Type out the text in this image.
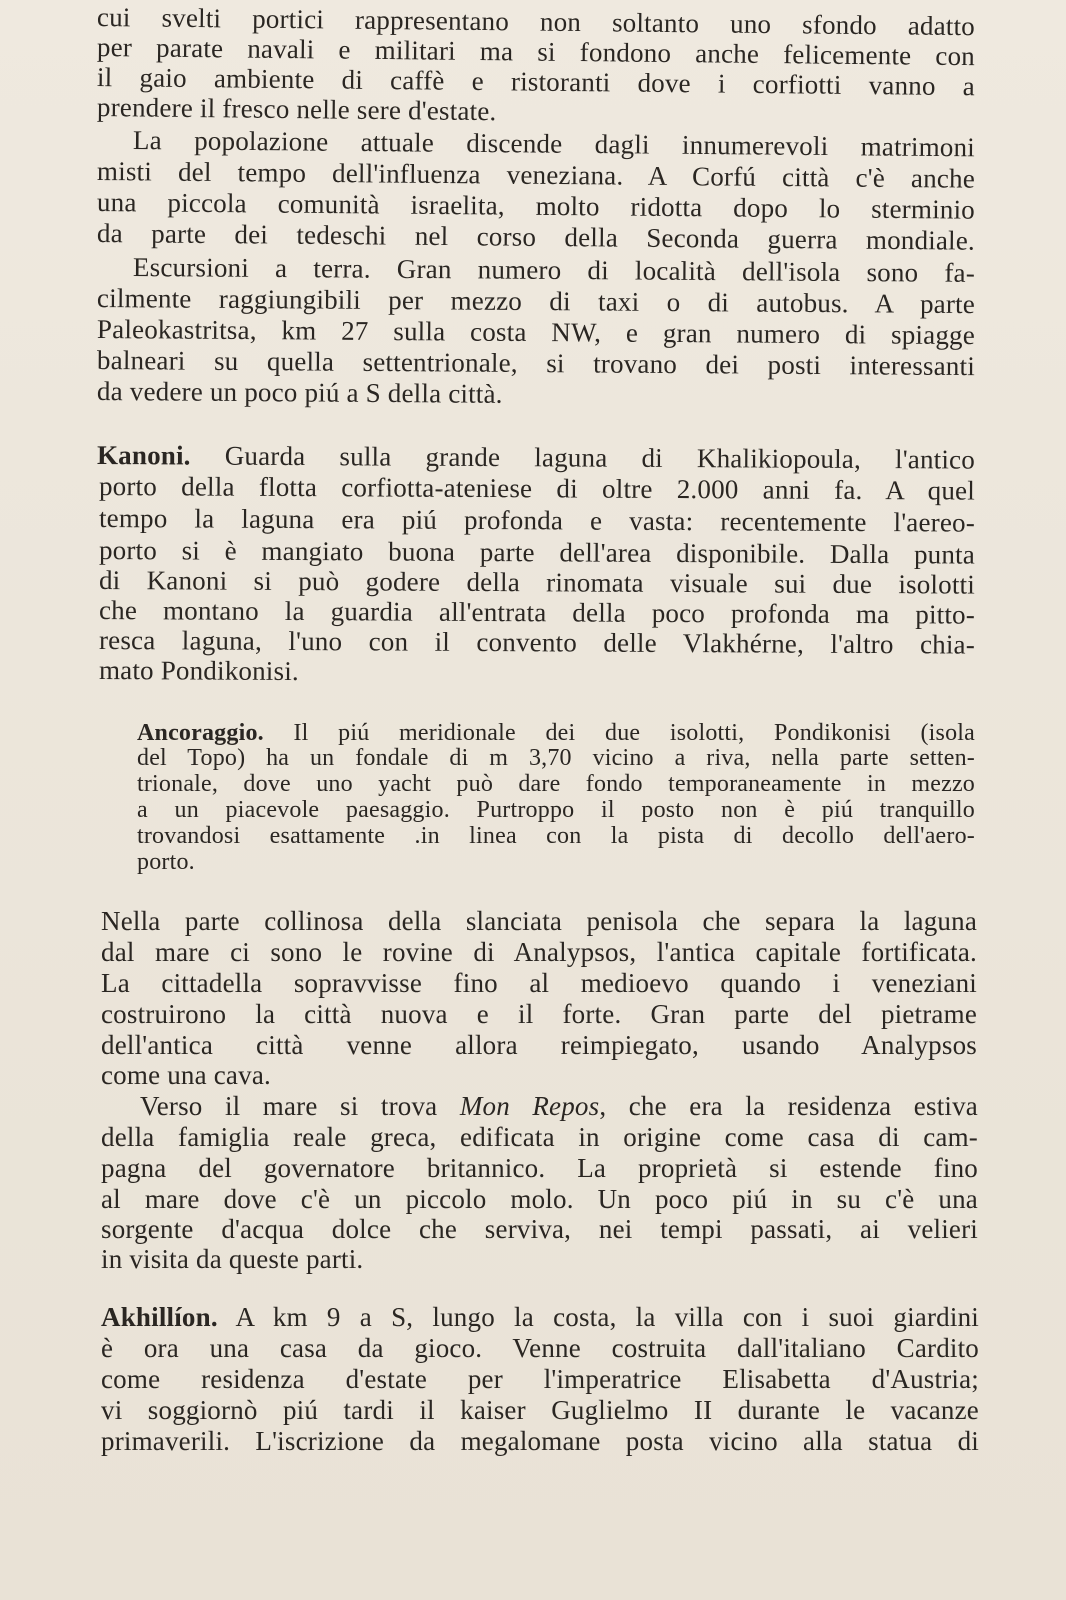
cui svelti portici rappresentano non soltanto uno sfondo adatto
per parate navali e militari ma si fondono anche felicemente con
il gaio ambiente di caffè e ristoranti dove i corfiotti vanno a
prendere il fresco nelle sere d'estate.
La popolazione attuale discende dagli innumerevoli matrimoni
misti del tempo dell'influenza veneziana. A Corfú città c'è anche
una piccola comunità israelita, molto ridotta dopo lo sterminio
da parte dei tedeschi nel corso della Seconda guerra mondiale.
Escursioni a terra. Gran numero di località dell'isola sono fa-
cilmente raggiungibili per mezzo di taxi o di autobus. A parte
Paleokastritsa, km 27 sulla costa NW, e gran numero di spiagge
balneari su quella settentrionale, si trovano dei posti interessanti
da vedere un poco piú a S della città.
Kanoni. Guarda sulla grande laguna di Khalikiopoula, l'antico
porto della flotta corfiotta-ateniese di oltre 2.000 anni fa. A quel
tempo la laguna era piú profonda e vasta: recentemente l'aereo-
porto si è mangiato buona parte dell'area disponibile. Dalla punta
di Kanoni si può godere della rinomata visuale sui due isolotti
che montano la guardia all'entrata della poco profonda ma pitto-
resca laguna, l'uno con il convento delle Vlakhérne, l'altro chia-
mato Pondikonisi.
Ancoraggio. Il piú meridionale dei due isolotti, Pondikonisi (isola
del Topo) ha un fondale di m 3,70 vicino a riva, nella parte setten-
trionale, dove uno yacht può dare fondo temporaneamente in mezzo
a un piacevole paesaggio. Purtroppo il posto non è piú tranquillo
trovandosi esattamente .in linea con la pista di decollo dell'aero-
porto.
Nella parte collinosa della slanciata penisola che separa la laguna
dal mare ci sono le rovine di Analypsos, l'antica capitale fortificata.
La cittadella sopravvisse fino al medioevo quando i veneziani
costruirono la città nuova e il forte. Gran parte del pietrame
dell'antica città venne allora reimpiegato, usando Analypsos
come una cava.
Verso il mare si trova Mon Repos, che era la residenza estiva
della famiglia reale greca, edificata in origine come casa di cam-
pagna del governatore britannico. La proprietà si estende fino
al mare dove c'è un piccolo molo. Un poco piú in su c'è una
sorgente d'acqua dolce che serviva, nei tempi passati, ai velieri
in visita da queste parti.
Akhillíon. A km 9 a S, lungo la costa, la villa con i suoi giardini
è ora una casa da gioco. Venne costruita dall'italiano Cardito
come residenza d'estate per l'imperatrice Elisabetta d'Austria;
vi soggiornò piú tardi il kaiser Guglielmo II durante le vacanze
primaverili. L'iscrizione da megalomane posta vicino alla statua di
